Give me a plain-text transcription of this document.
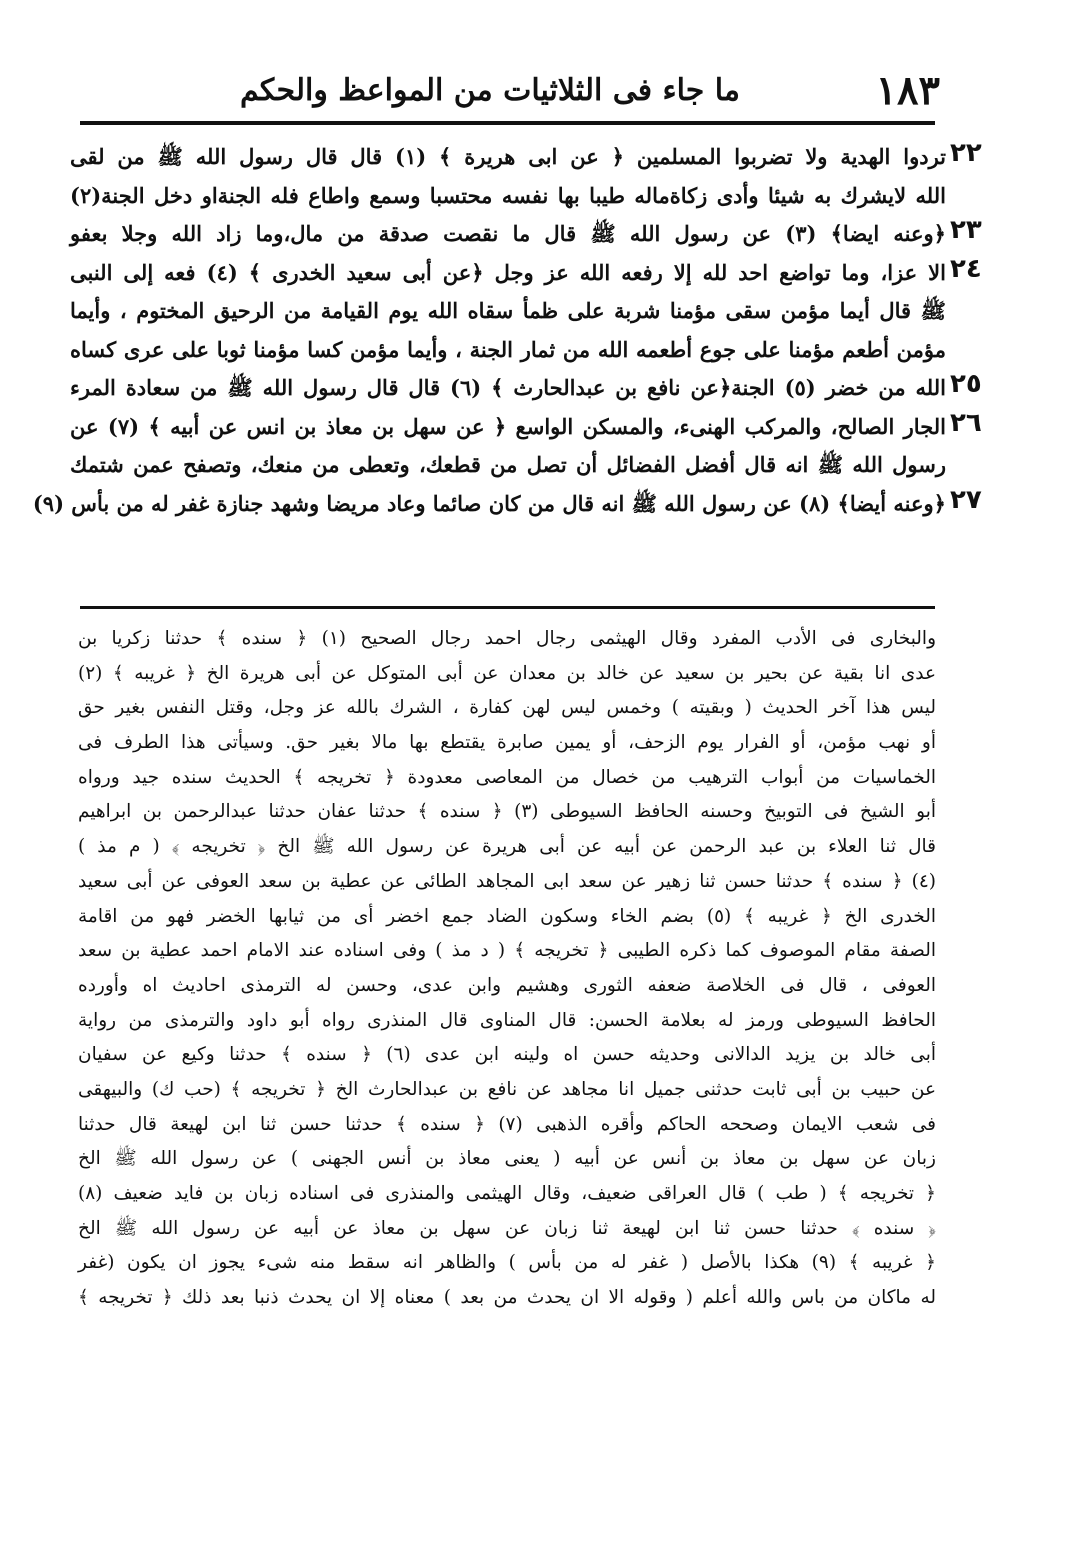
١٨٣
ما جاء فى الثلاثيات من المواعظ والحكم
تردوا الهدية ولا تضربوا المسلمين ﴿ عن ابى هريرة ﴾ (١) قال قال رسول الله ﷺ من لقى
الله لايشرك به شيئا وأدى زكاةماله طيبا بها نفسه محتسبا وسمع واطاع فله الجنةاو دخل الجنة(٢)
﴿وعنه ايضا﴾ (٣) عن رسول الله ﷺ قال ما نقصت صدقة من مال،وما زاد الله وجلا بعفو
الا عزا، وما تواضع احد لله إلا رفعه الله عز وجل ﴿عن أبى سعيد الخدرى ﴾ (٤) فعه إلى النبى
ﷺ قال أيما مؤمن سقى مؤمنا شربة على ظمأ سقاه الله يوم القيامة من الرحيق المختوم ، وأيما
مؤمن أطعم مؤمنا على جوع أطعمه الله من ثمار الجنة ، وأيما مؤمن كسا مؤمنا ثوبا على عرى كساه
الله من خضر (٥) الجنة﴿عن نافع بن عبدالحارث ﴾ (٦) قال قال رسول الله ﷺ من سعادة المرء
الجار الصالح، والمركب الهنىء، والمسكن الواسع ﴿ عن سهل بن معاذ بن انس عن أبيه ﴾ (٧) عن
رسول الله ﷺ انه قال أفضل الفضائل أن تصل من قطعك، وتعطى من منعك، وتصفح عمن شتمك
﴿وعنه أيضا﴾ (٨) عن رسول الله ﷺ انه قال من كان صائما وعاد مريضا وشهد جنازة غفر له من بأس (٩)
٢٢
٢٣
٢٤
٢٥
٢٦
٢٧
والبخارى فى الأدب المفرد وقال الهيثمى رجال احمد رجال الصحيح (١) ﴿ سنده ﴾ حدثنا زكريا بن
عدى انا بقية عن بحير بن سعيد عن خالد بن معدان عن أبى المتوكل عن أبى هريرة الخ ﴿ غريبه ﴾ (٢)
ليس هذا آخر الحديث ( وبقيته ) وخمس ليس لهن كفارة ، الشرك بالله عز وجل، وقتل النفس بغير حق
أو نهب مؤمن، أو الفرار يوم الزحف، أو يمين صابرة يقتطع بها مالا بغير حق. وسيأتى هذا الطرف فى
الخماسيات من أبواب الترهيب من خصال من المعاصى معدودة ﴿ تخريجه ﴾ الحديث سنده جيد ورواه
أبو الشيخ فى التوبيخ وحسنه الحافظ السيوطى (٣) ﴿ سنده ﴾ حدثنا عفان حدثنا عبدالرحمن بن ابراهيم
قال ثنا العلاء بن عبد الرحمن عن أبيه عن أبى هريرة عن رسول الله ﷺ الخ ﴿ تخريجه ﴾ ( م مذ )
(٤) ﴿ سنده ﴾ حدثنا حسن ثنا زهير عن سعد ابى المجاهد الطائى عن عطية بن سعد العوفى عن أبى سعيد
الخدرى الخ ﴿ غريبه ﴾ (٥) بضم الخاء وسكون الضاد جمع اخضر أى من ثيابها الخضر فهو من اقامة
الصفة مقام الموصوف كما ذكره الطيبى ﴿ تخريجه ﴾ ( د مذ ) وفى اسناده عند الامام احمد عطية بن سعد
العوفى ، قال فى الخلاصة ضعفه الثورى وهشيم وابن عدى، وحسن له الترمذى احاديث اه وأورده
الحافظ السيوطى ورمز له بعلامة الحسن: قال المناوى قال المنذرى رواه أبو داود والترمذى من رواية
أبى خالد بن يزيد الدالانى وحديثه حسن اه ولينه ابن عدى (٦) ﴿ سنده ﴾ حدثنا وكيع عن سفيان
عن حبيب بن أبى ثابت حدثنى جميل انا مجاهد عن نافع بن عبدالحارث الخ ﴿ تخريجه ﴾ (حب ك) والبيهقى
فى شعب الايمان وصححه الحاكم وأقره الذهبى (٧) ﴿ سنده ﴾ حدثنا حسن ثنا ابن لهيعة قال حدثنا
زبان عن سهل بن معاذ بن أنس عن أبيه ( يعنى معاذ بن أنس الجهنى ) عن رسول الله ﷺ الخ
﴿ تخريجه ﴾ ( طب ) قال العراقى ضعيف، وقال الهيثمى والمنذرى فى اسناده زبان بن فايد ضعيف (٨)
﴿ سنده ﴾ حدثنا حسن ثنا ابن لهيعة ثنا زبان عن سهل بن معاذ عن أبيه عن رسول الله ﷺ الخ
﴿ غريبه ﴾ (٩) هكذا بالأصل ( غفر له من بأس ) والظاهر انه سقط منه شىء يجوز ان يكون (غفر
له ماكان من باس والله أعلم ( وقوله الا ان يحدث من بعد ) معناه إلا ان يحدث ذنبا بعد ذلك ﴿ تخريجه ﴾
